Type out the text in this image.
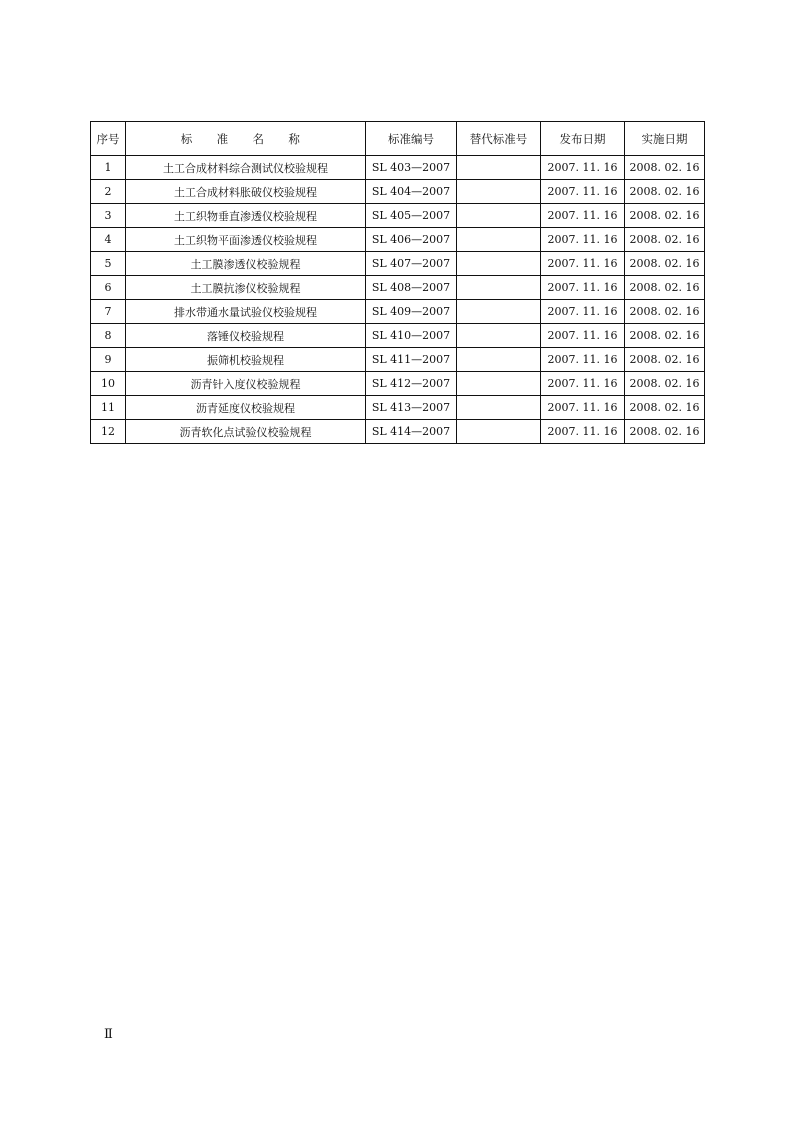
序号	标 准 名 称	标准编号	替代标准号	发布日期	实施日期
1	土工合成材料综合测试仪校验规程	SL 403—2007		2007. 11. 16	2008. 02. 16
2	土工合成材料胀破仪校验规程	SL 404—2007		2007. 11. 16	2008. 02. 16
3	土工织物垂直渗透仪校验规程	SL 405—2007		2007. 11. 16	2008. 02. 16
4	土工织物平面渗透仪校验规程	SL 406—2007		2007. 11. 16	2008. 02. 16
5	土工膜渗透仪校验规程	SL 407—2007		2007. 11. 16	2008. 02. 16
6	土工膜抗渗仪校验规程	SL 408—2007		2007. 11. 16	2008. 02. 16
7	排水带通水量试验仪校验规程	SL 409—2007		2007. 11. 16	2008. 02. 16
8	落锤仪校验规程	SL 410—2007		2007. 11. 16	2008. 02. 16
9	振筛机校验规程	SL 411—2007		2007. 11. 16	2008. 02. 16
10	沥青针入度仪校验规程	SL 412—2007		2007. 11. 16	2008. 02. 16
11	沥青延度仪校验规程	SL 413—2007		2007. 11. 16	2008. 02. 16
12	沥青软化点试验仪校验规程	SL 414—2007		2007. 11. 16	2008. 02. 16
Ⅱ
